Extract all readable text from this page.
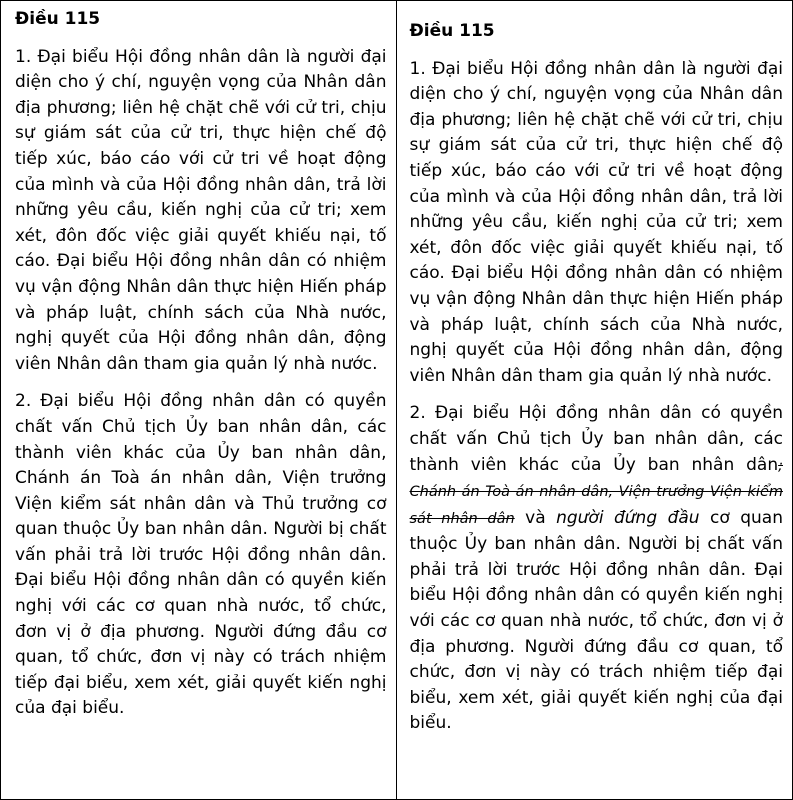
Điều 115

1. Đại biểu Hội đồng nhân dân là người đại diện cho ý chí, nguyện vọng của Nhân dân địa phương; liên hệ chặt chẽ với cử tri, chịu sự giám sát của cử tri, thực hiện chế độ tiếp xúc, báo cáo với cử tri về hoạt động của mình và của Hội đồng nhân dân, trả lời những yêu cầu, kiến nghị của cử tri; xem xét, đôn đốc việc giải quyết khiếu nại, tố cáo. Đại biểu Hội đồng nhân dân có nhiệm vụ vận động Nhân dân thực hiện Hiến pháp và pháp luật, chính sách của Nhà nước, nghị quyết của Hội đồng nhân dân, động viên Nhân dân tham gia quản lý nhà nước.

2. Đại biểu Hội đồng nhân dân có quyền chất vấn Chủ tịch Ủy ban nhân dân, các thành viên khác của Ủy ban nhân dân, Chánh án Toà án nhân dân, Viện trưởng Viện kiểm sát nhân dân và Thủ trưởng cơ quan thuộc Ủy ban nhân dân. Người bị chất vấn phải trả lời trước Hội đồng nhân dân. Đại biểu Hội đồng nhân dân có quyền kiến nghị với các cơ quan nhà nước, tổ chức, đơn vị ở địa phương. Người đứng đầu cơ quan, tổ chức, đơn vị này có trách nhiệm tiếp đại biểu, xem xét, giải quyết kiến nghị của đại biểu.

Điều 115

1. Đại biểu Hội đồng nhân dân là người đại diện cho ý chí, nguyện vọng của Nhân dân địa phương; liên hệ chặt chẽ với cử tri, chịu sự giám sát của cử tri, thực hiện chế độ tiếp xúc, báo cáo với cử tri về hoạt động của mình và của Hội đồng nhân dân, trả lời những yêu cầu, kiến nghị của cử tri; xem xét, đôn đốc việc giải quyết khiếu nại, tố cáo. Đại biểu Hội đồng nhân dân có nhiệm vụ vận động Nhân dân thực hiện Hiến pháp và pháp luật, chính sách của Nhà nước, nghị quyết của Hội đồng nhân dân, động viên Nhân dân tham gia quản lý nhà nước.

2. Đại biểu Hội đồng nhân dân có quyền chất vấn Chủ tịch Ủy ban nhân dân, các thành viên khác của Ủy ban nhân dân; Chánh án Toà án nhân dân, Viện trưởng Viện kiểm sát nhân dân và người đứng đầu cơ quan thuộc Ủy ban nhân dân. Người bị chất vấn phải trả lời trước Hội đồng nhân dân. Đại biểu Hội đồng nhân dân có quyền kiến nghị với các cơ quan nhà nước, tổ chức, đơn vị ở địa phương. Người đứng đầu cơ quan, tổ chức, đơn vị này có trách nhiệm tiếp đại biểu, xem xét, giải quyết kiến nghị của đại biểu.
